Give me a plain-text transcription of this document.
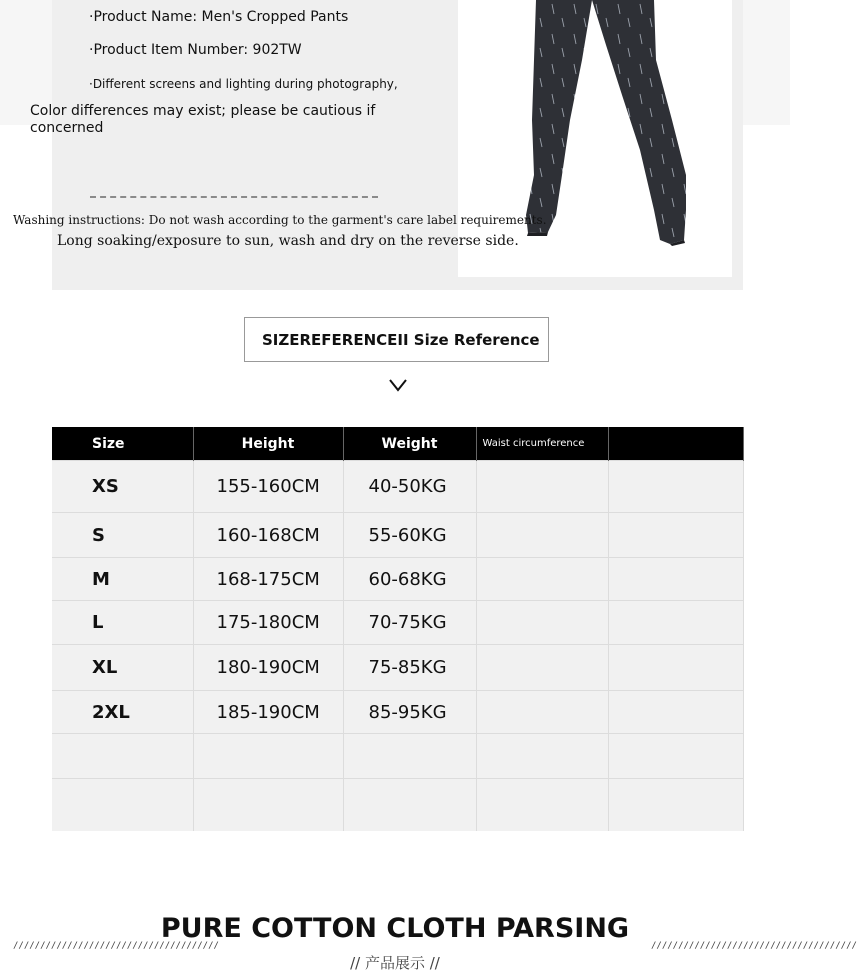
·Product Name: Men's Cropped Pants
·Product Item Number: 902TW
·Different screens and lighting during photography,
Color differences may exist; please be cautious if concerned
Washing instructions: Do not wash according to the garment's care label requirements.
Long soaking/exposure to sun, wash and dry on the reverse side.
SIZEREFERENCEII Size Reference
Size	Height	Weight	Waist circumference	
XS	155-160CM	40-50KG		
S	160-168CM	55-60KG		
M	168-175CM	60-68KG		
L	175-180CM	70-75KG		
XL	180-190CM	75-85KG		
2XL	185-190CM	85-95KG		

//////////////////////////////////////
PURE COTTON CLOTH PARSING
//////////////////////////////////////
// 产品展示 //
